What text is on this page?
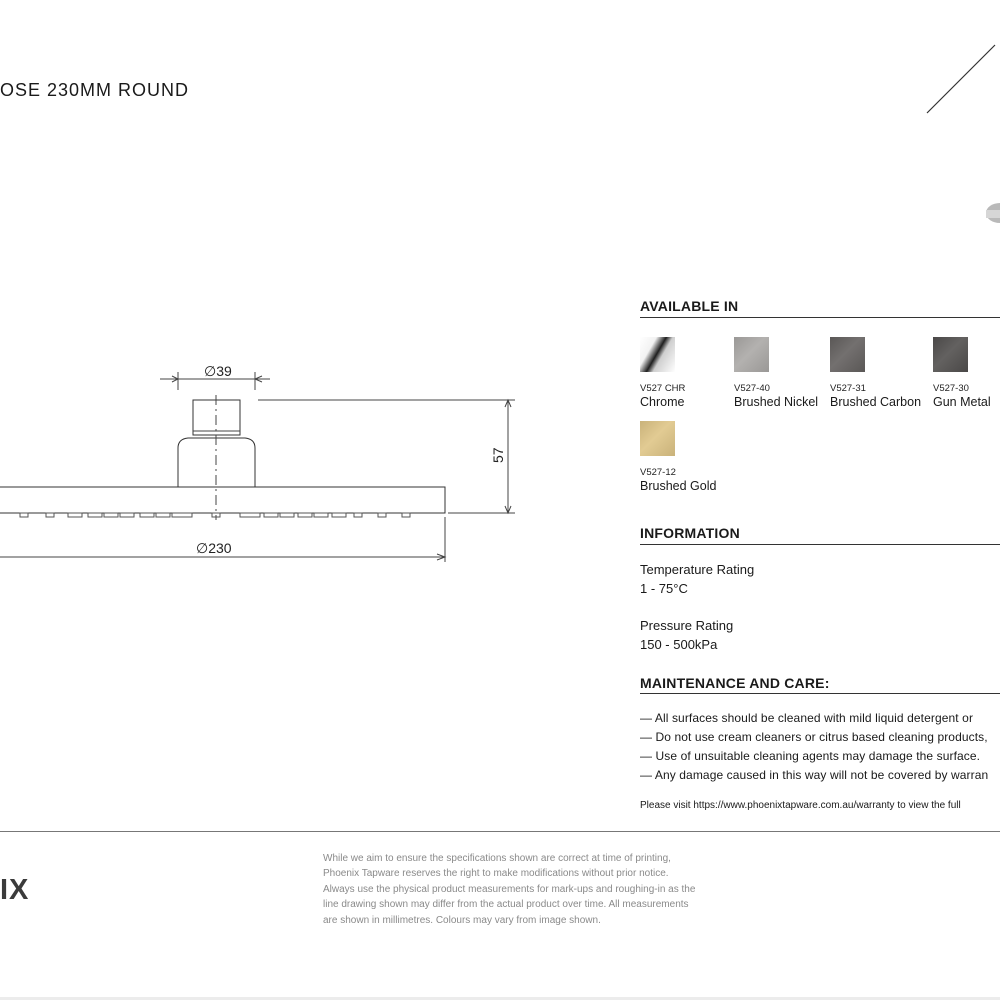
OSE 230MM ROUND
∅39
57
∅230
AVAILABLE IN
V527 CHR
Chrome
V527-40
Brushed Nickel
V527-31
Brushed Carbon
V527-30
Gun Metal
V527-12
Brushed Gold
INFORMATION
Temperature Rating
1 - 75°C
Pressure Rating
150 - 500kPa
MAINTENANCE AND CARE:
— All surfaces should be cleaned with mild liquid detergent or
— Do not use cream cleaners or citrus based cleaning products,
— Use of unsuitable cleaning agents may damage the surface.
— Any damage caused in this way will not be covered by warran
Please visit https://www.phoenixtapware.com.au/warranty to view the full
IX
While we aim to ensure the specifications shown are correct at time of printing,
Phoenix Tapware reserves the right to make modifications without prior notice.
Always use the physical product measurements for mark-ups and roughing-in as the
line drawing shown may differ from the actual product over time. All measurements
are shown in millimetres. Colours may vary from image shown.
